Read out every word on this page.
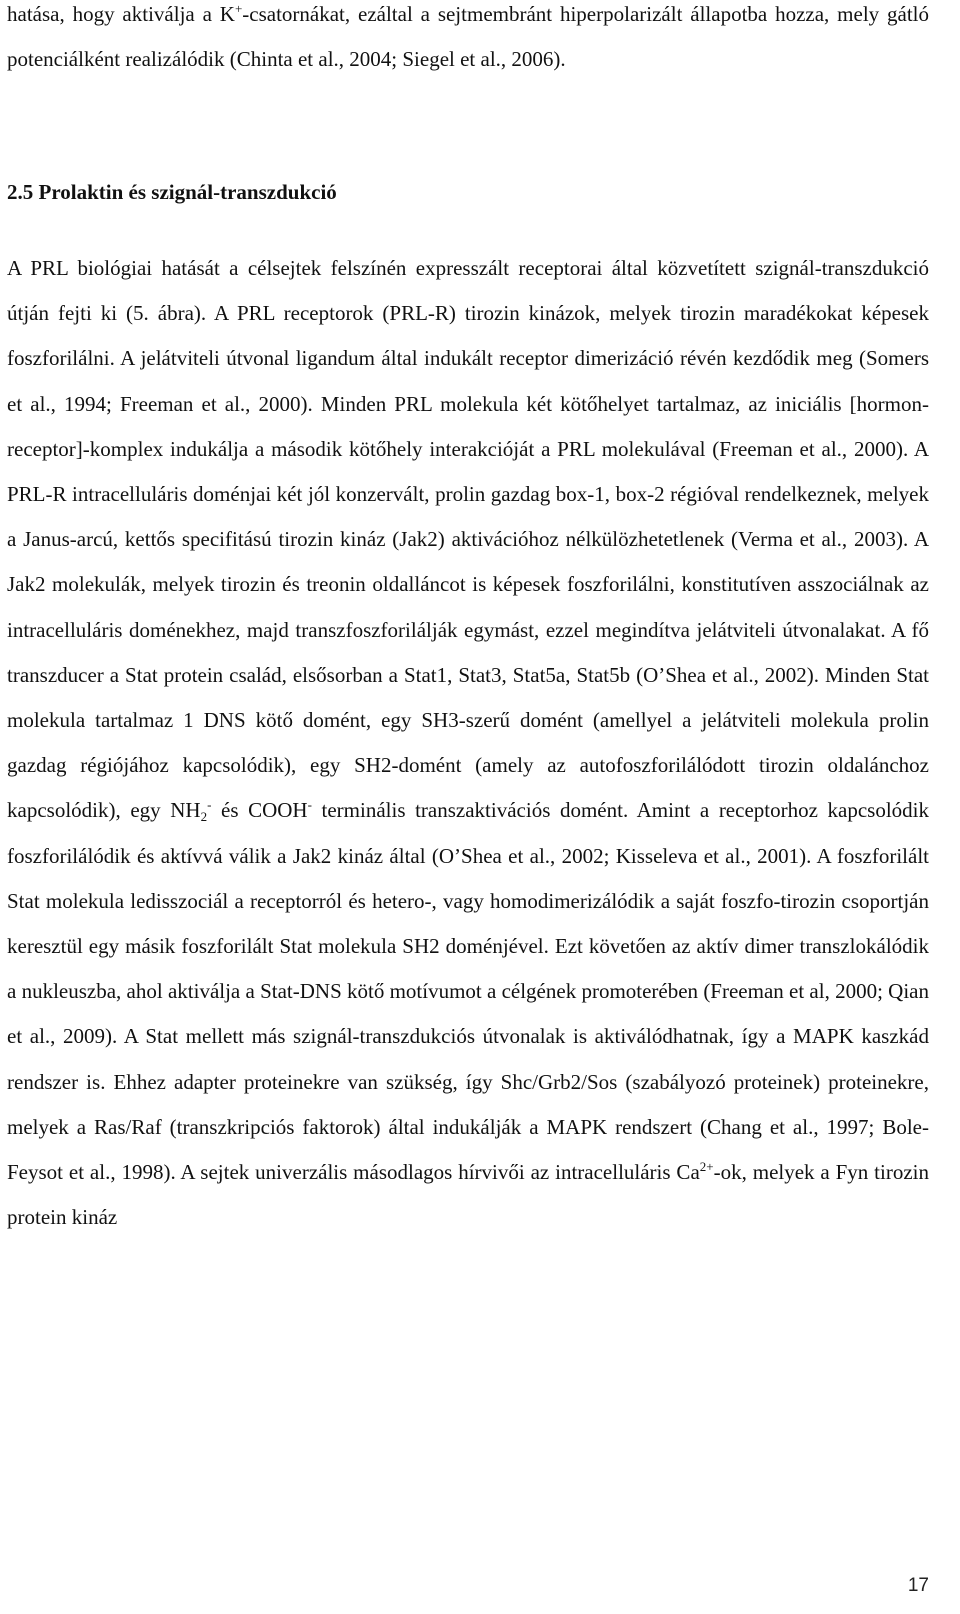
hatása, hogy aktiválja a K+-csatornákat, ezáltal a sejtmembránt hiperpolarizált állapotba hozza, mely gátló potenciálként realizálódik (Chinta et al., 2004; Siegel et al., 2006).

2.5 Prolaktin és szignál-transzdukció

A PRL biológiai hatását a célsejtek felszínén expresszált receptorai által közvetített szignál-transzdukció útján fejti ki (5. ábra). A PRL receptorok (PRL-R) tirozin kinázok, melyek tirozin maradékokat képesek foszforilálni. A jelátviteli útvonal ligandum által indukált receptor dimerizáció révén kezdődik meg (Somers et al., 1994; Freeman et al., 2000). Minden PRL molekula két kötőhelyet tartalmaz, az iniciális [hormon-receptor]-komplex indukálja a második kötőhely interakcióját a PRL molekulával (Freeman et al., 2000). A PRL-R intracelluláris doménjai két jól konzervált, prolin gazdag box-1, box-2 régióval rendelkeznek, melyek a Janus-arcú, kettős specifitású tirozin kináz (Jak2) aktivációhoz nélkülözhetetlenek (Verma et al., 2003). A Jak2 molekulák, melyek tirozin és treonin oldalláncot is képesek foszforilálni, konstitutíven asszociálnak az intracelluláris doménekhez, majd transzfoszforilálják egymást, ezzel megindítva jelátviteli útvonalakat. A fő transzducer a Stat protein család, elsősorban a Stat1, Stat3, Stat5a, Stat5b (O’Shea et al., 2002). Minden Stat molekula tartalmaz 1 DNS kötő domént, egy SH3-szerű domént (amellyel a jelátviteli molekula prolin gazdag régiójához kapcsolódik), egy SH2-domént (amely az autofoszforilálódott tirozin oldalánchoz kapcsolódik), egy $NH_2^-$ és COOH- terminális transzaktivációs domént. Amint a receptorhoz kapcsolódik foszforilálódik és aktívvá válik a Jak2 kináz által (O’Shea et al., 2002; Kisseleva et al., 2001). A foszforilált Stat molekula ledisszociál a receptorról és hetero-, vagy homodimerizálódik a saját foszfo-tirozin csoportján keresztül egy másik foszforilált Stat molekula SH2 doménjével. Ezt követően az aktív dimer transzlokálódik a nukleuszba, ahol aktiválja a Stat-DNS kötő motívumot a célgének promoterében (Freeman et al, 2000; Qian et al., 2009). A Stat mellett más szignál-transzdukciós útvonalak is aktiválódhatnak, így a MAPK kaszkád rendszer is. Ehhez adapter proteinekre van szükség, így Shc/Grb2/Sos (szabályozó proteinek) proteinekre, melyek a Ras/Raf (transzkripciós faktorok) által indukálják a MAPK rendszert (Chang et al., 1997; Bole-Feysot et al., 1998). A sejtek univerzális másodlagos hírvivői az intracelluláris $Ca^{2+}-ok$, melyek a Fyn tirozin protein kináz

17
